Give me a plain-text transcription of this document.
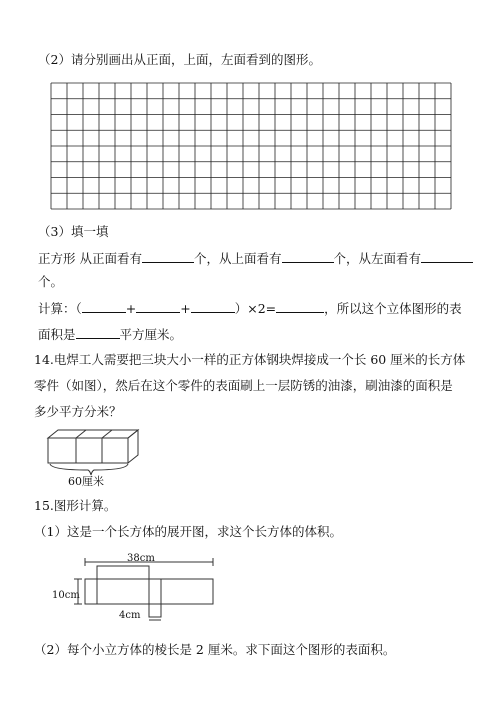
（2）请分别画出从正面，上面，左面看到的图形。
（3）填一填
正方形 从正面看有	个，从上面看有	个，从左面看有
个。
计算：（	+	+	）×2=	，所以这个立体图形的表
面积是	平方厘米。
14.电焊工人需要把三块大小一样的正方体钢块焊接成一个长 60 厘米的长方体
零件（如图），然后在这个零件的表面刷上一层防锈的油漆，刷油漆的面积是
多少平方分米？
60厘米
15.图形计算。
（1）这是一个长方体的展开图，求这个长方体的体积。
38cm
10cm
4cm
（2）每个小立方体的棱长是 2 厘米。求下面这个图形的表面积。
